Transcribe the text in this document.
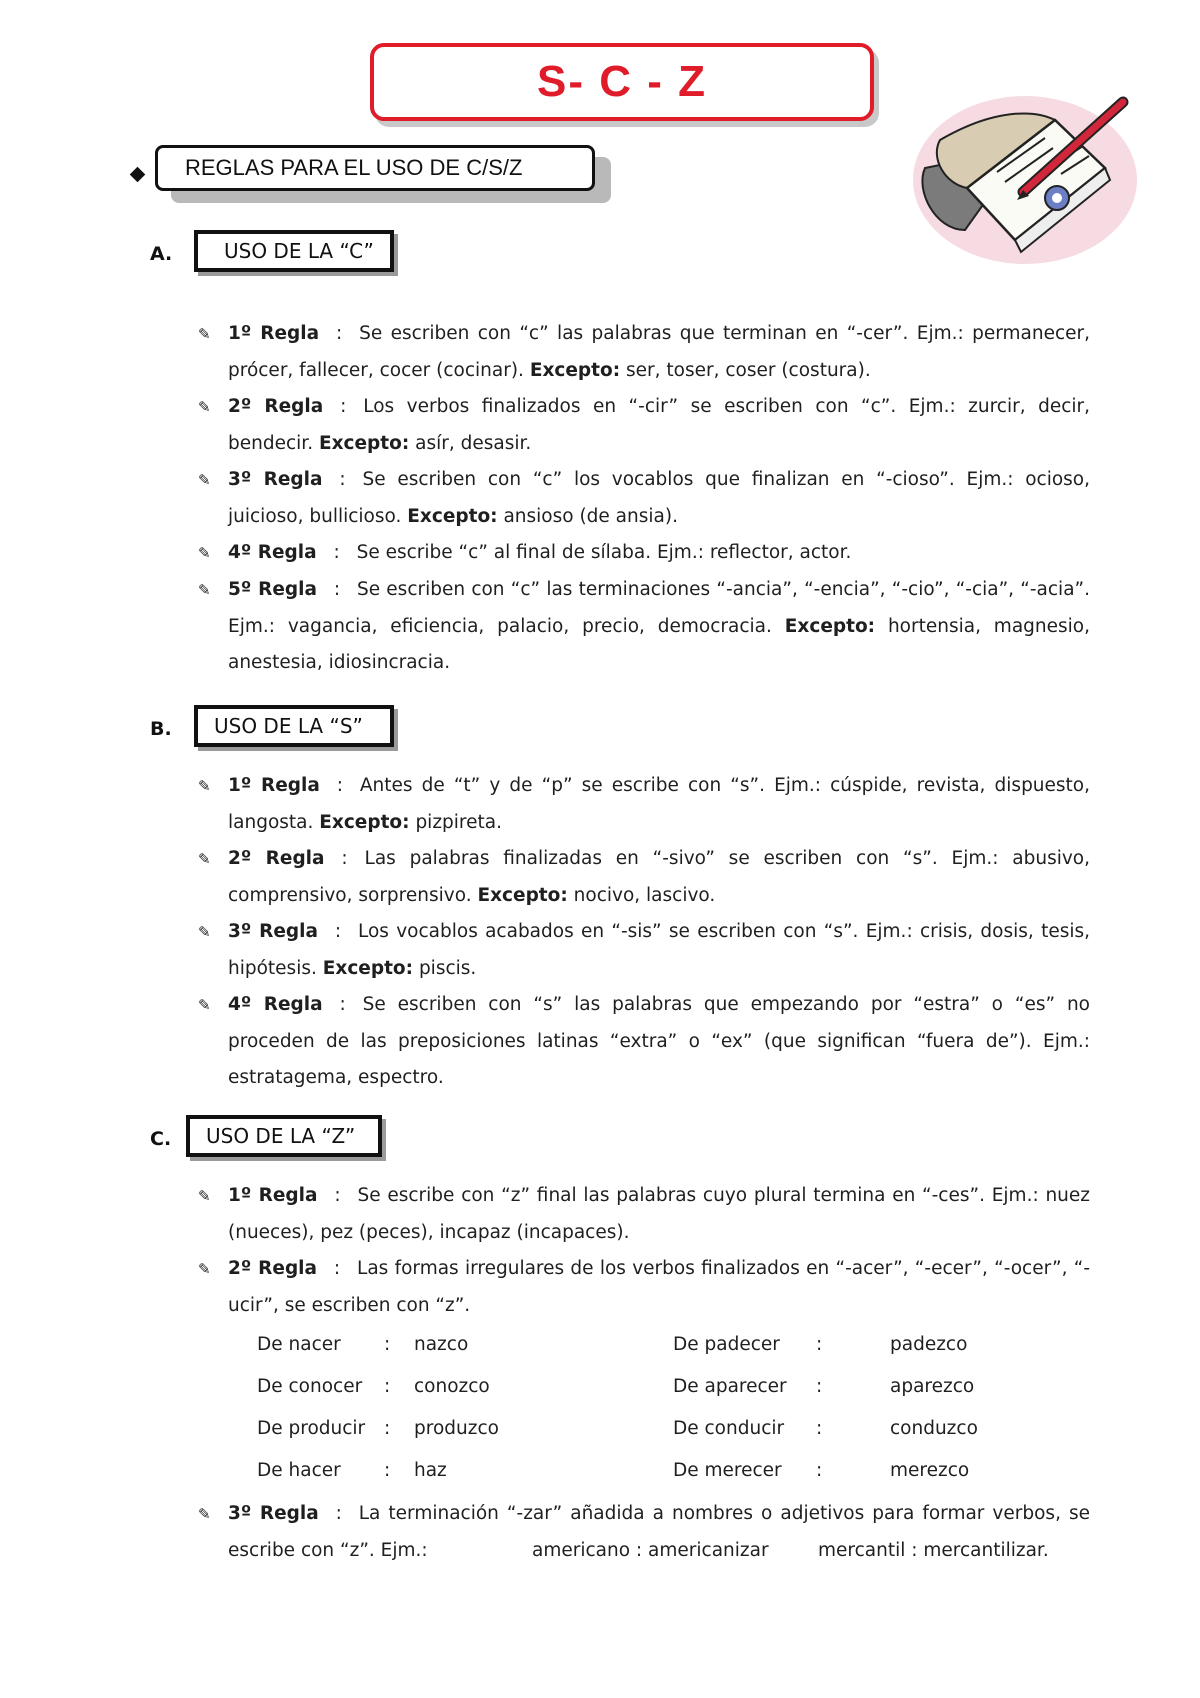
S- C - Z
REGLAS PARA EL USO DE C/S/Z
A.	USO DE LA “C”
✎ 1º Regla : Se escriben con “c” las palabras que terminan en “-cer”. Ejm.: permanecer, prócer, fallecer, cocer (cocinar). Excepto: ser, toser, coser (costura).
✎ 2º Regla : Los verbos finalizados en “-cir” se escriben con “c”. Ejm.: zurcir, decir, bendecir. Excepto: asír, desasir.
✎ 3º Regla : Se escriben con “c” los vocablos que finalizan en “-cioso”. Ejm.: ocioso, juicioso, bullicioso. Excepto: ansioso (de ansia).
✎ 4º Regla : Se escribe “c” al final de sílaba. Ejm.: reflector, actor.
✎ 5º Regla : Se escriben con “c” las terminaciones “-ancia”, “-encia”, “-cio”, “-cia”, “-acia”. Ejm.: vagancia, eficiencia, palacio, precio, democracia. Excepto: hortensia, magnesio, anestesia, idiosincracia.
B. USO DE LA “S”
✎ 1º Regla : Antes de “t” y de “p” se escribe con “s”. Ejm.: cúspide, revista, dispuesto, langosta. Excepto: pizpireta.
✎ 2º Regla : Las palabras finalizadas en “-sivo” se escriben con “s”. Ejm.: abusivo, comprensivo, sorprensivo. Excepto: nocivo, lascivo.
✎ 3º Regla : Los vocablos acabados en “-sis” se escriben con “s”. Ejm.: crisis, dosis, tesis, hipótesis. Excepto: piscis.
✎ 4º Regla : Se escriben con “s” las palabras que empezando por “estra” o “es” no proceden de las preposiciones latinas “extra” o “ex” (que significan “fuera de”). Ejm.: estratagema, espectro.
C. USO DE LA “Z”
✎ 1º Regla : Se escribe con “z” final las palabras cuyo plural termina en “-ces”. Ejm.: nuez (nueces), pez (peces), incapaz (incapaces).
✎ 2º Regla : Las formas irregulares de los verbos finalizados en “-acer”, “-ecer”, “-ocer”, “-ucir”, se escriben con “z”.
De nacer : nazco	De padecer :	padezco
De conocer : conozco	De aparecer :	aparezco
De producir : produzco	De conducir :	conduzco
De hacer : haz	De merecer :	merezco
✎ 3º Regla : La terminación “-zar” añadida a nombres o adjetivos para formar verbos, se escribe con “z”. Ejm.:	americano : americanizar	mercantil : mercantilizar.
